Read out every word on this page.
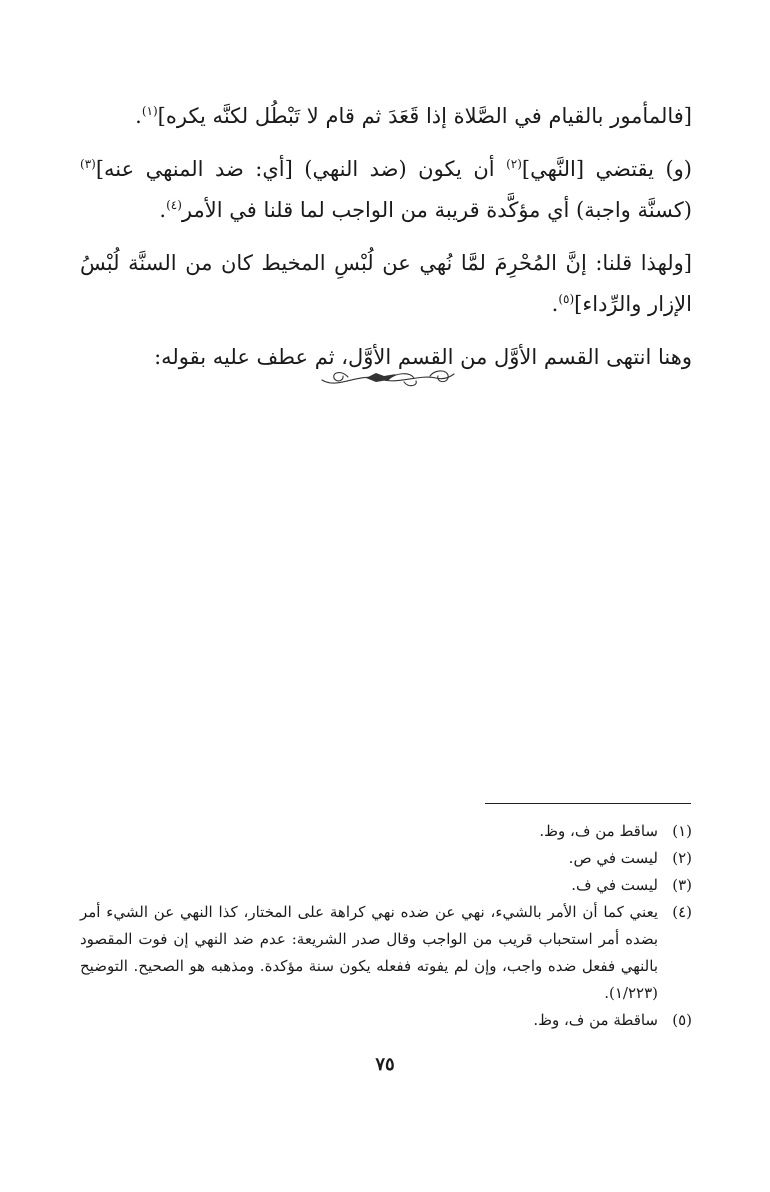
[فالمأمور بالقيام في الصَّلاة إذا قَعَدَ ثم قام لا تَبْطُل لكنَّه يكره]$^{(١)}$.

(و) يقتضي [النَّهي]$^{(٢)}$ أن يكون (ضد النهي) [أي: ضد المنهي عنه]$^{(٣)}$ (كسنَّة واجبة) أي مؤكَّدة قريبة من الواجب لما قلنا في الأمر$^{(٤)}$.

[ولهذا قلنا: إنَّ المُحْرِمَ لمَّا نُهي عن لُبْسِ المخيط كان من السنَّة لُبْسُ الإزار والرِّداء]$^{(٥)}$.

وهنا انتهى القسم الأوَّل من القسم الأوَّل، ثم عطف عليه بقوله:

(١)
ساقط من ف، وظ.
(٢)
ليست في ص.
(٣)
ليست في ف.
(٤)
يعني كما أن الأمر بالشيء، نهي عن ضده نهي كراهة على المختار، كذا النهي عن الشيء أمر بضده أمر استحباب قريب من الواجب وقال صدر الشريعة: عدم ضد النهي إن فوت المقصود بالنهي ففعل ضده واجب، وإن لم يفوته ففعله يكون سنة مؤكدة. ومذهبه هو الصحيح. التوضيح (١/٢٢٣).
(٥)
ساقطة من ف، وظ.
٧٥
